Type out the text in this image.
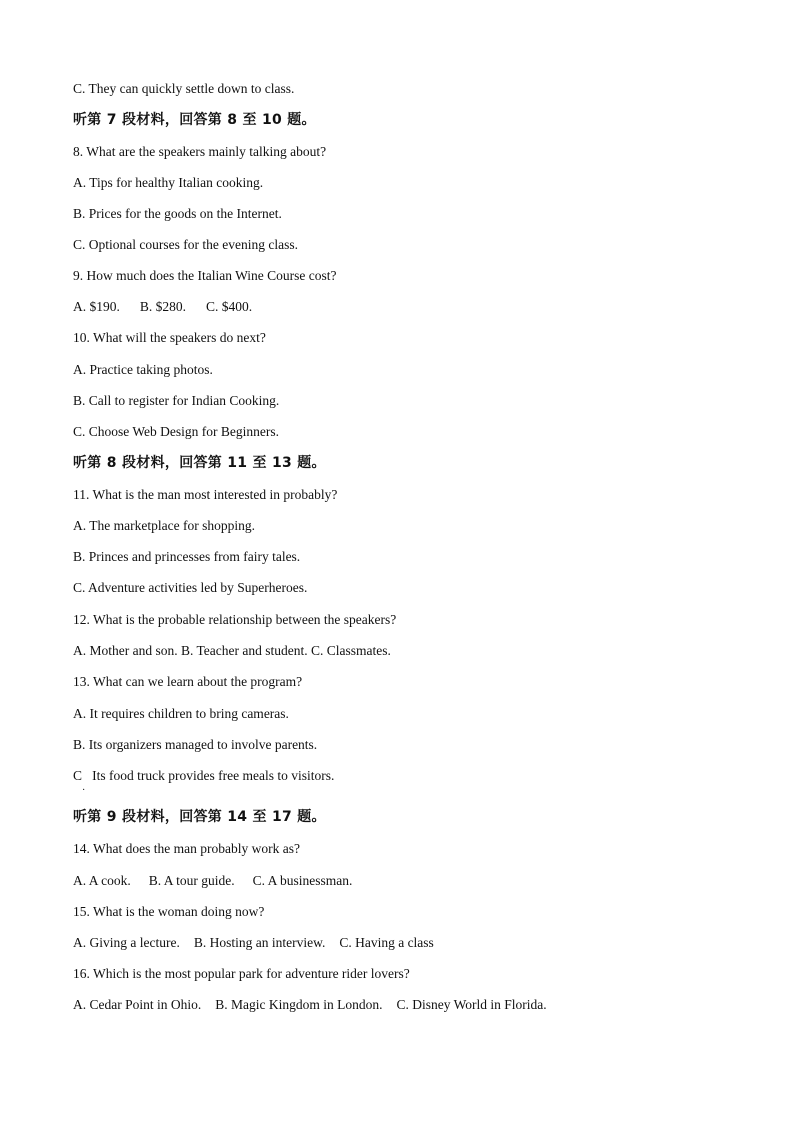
C. They can quickly settle down to class.
听第 7 段材料，回答第 8 至 10 题。
8. What are the speakers mainly talking about?
A. Tips for healthy Italian cooking.
B. Prices for the goods on the Internet.
C. Optional courses for the evening class.
9. How much does the Italian Wine Course cost?
A. $190. B. $280. C. $400.
10. What will the speakers do next?
A. Practice taking photos.
B. Call to register for Indian Cooking.
C. Choose Web Design for Beginners.
听第 8 段材料，回答第 11 至 13 题。
11. What is the man most interested in probably?
A. The marketplace for shopping.
B. Princes and princesses from fairy tales.
C. Adventure activities led by Superheroes.
12. What is the probable relationship between the speakers?
A. Mother and son. B. Teacher and student. C. Classmates.
13. What can we learn about the program?
A. It requires children to bring cameras.
B. Its organizers managed to involve parents.
C   Its food truck provides free meals to visitors.
·
听第 9 段材料，回答第 14 至 17 题。
14. What does the man probably work as?
A. A cook. B. A tour guide. C. A businessman.
15. What is the woman doing now?
A. Giving a lecture. B. Hosting an interview. C. Having a class
16. Which is the most popular park for adventure rider lovers?
A. Cedar Point in Ohio. B. Magic Kingdom in London. C. Disney World in Florida.
